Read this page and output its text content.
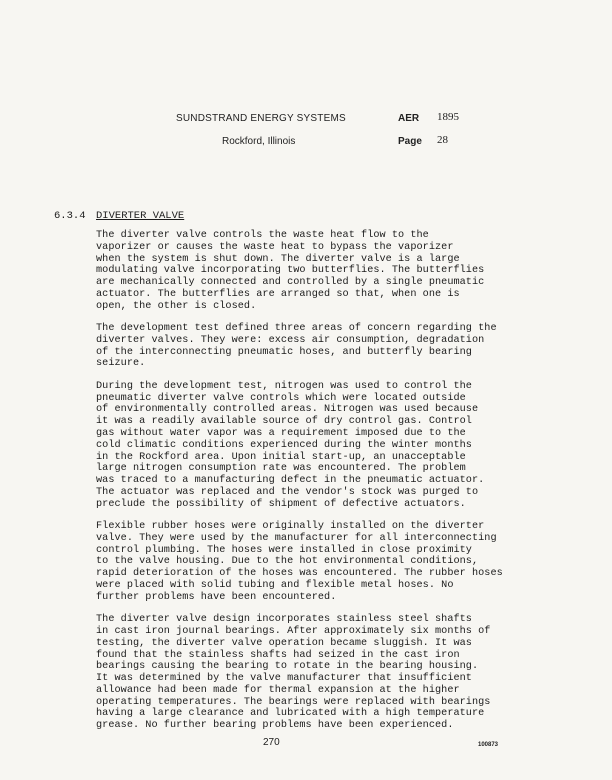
SUNDSTRAND ENERGY SYSTEMS
Rockford, Illinois
AER 1895
Page 28
6.3.4 DIVERTER VALVE
The diverter valve controls the waste heat flow to the
vaporizer or causes the waste heat to bypass the vaporizer
when the system is shut down. The diverter valve is a large
modulating valve incorporating two butterflies. The butterflies
are mechanically connected and controlled by a single pneumatic
actuator. The butterflies are arranged so that, when one is
open, the other is closed.
The development test defined three areas of concern regarding the
diverter valves. They were: excess air consumption, degradation
of the interconnecting pneumatic hoses, and butterfly bearing
seizure.
During the development test, nitrogen was used to control the
pneumatic diverter valve controls which were located outside
of environmentally controlled areas. Nitrogen was used because
it was a readily available source of dry control gas. Control
gas without water vapor was a requirement imposed due to the
cold climatic conditions experienced during the winter months
in the Rockford area. Upon initial start-up, an unacceptable
large nitrogen consumption rate was encountered. The problem
was traced to a manufacturing defect in the pneumatic actuator.
The actuator was replaced and the vendor's stock was purged to
preclude the possibility of shipment of defective actuators.
Flexible rubber hoses were originally installed on the diverter
valve. They were used by the manufacturer for all interconnecting
control plumbing. The hoses were installed in close proximity
to the valve housing. Due to the hot environmental conditions,
rapid deterioration of the hoses was encountered. The rubber hoses
were placed with solid tubing and flexible metal hoses. No
further problems have been encountered.
The diverter valve design incorporates stainless steel shafts
in cast iron journal bearings. After approximately six months of
testing, the diverter valve operation became sluggish. It was
found that the stainless shafts had seized in the cast iron
bearings causing the bearing to rotate in the bearing housing.
It was determined by the valve manufacturer that insufficient
allowance had been made for thermal expansion at the higher
operating temperatures. The bearings were replaced with bearings
having a large clearance and lubricated with a high temperature
grease. No further bearing problems have been experienced.
270	100873
